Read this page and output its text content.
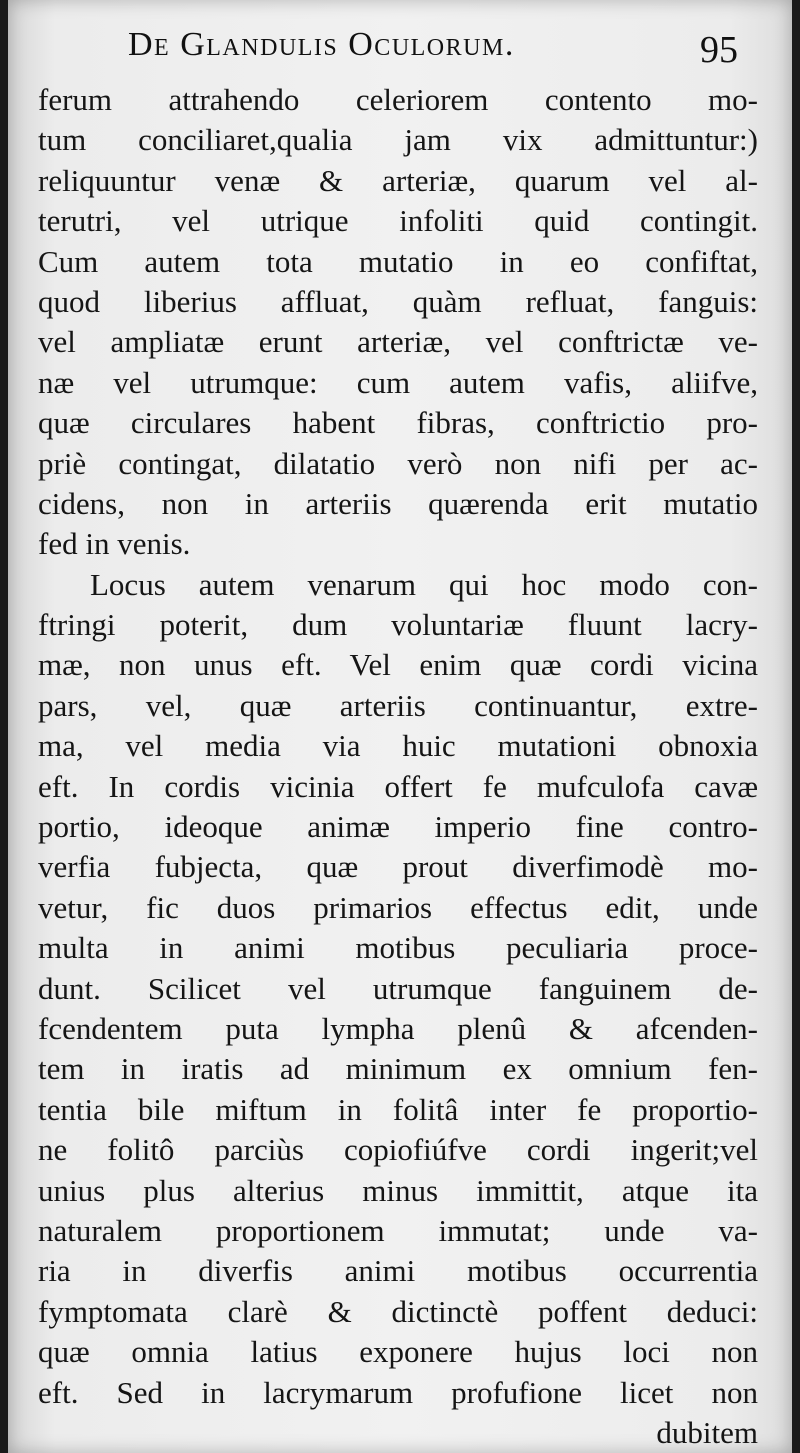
De Glandulis Oculorum.	95
ferum attrahendo celeriorem contento mo-
tum conciliaret,qualia jam vix admittuntur:)
reliquuntur venæ & arteriæ, quarum vel al-
terutri, vel utrique infoliti quid contingit.
Cum autem tota mutatio in eo confiftat,
quod liberius affluat, quàm refluat, fanguis:
vel ampliatæ erunt arteriæ, vel conftrictæ ve-
næ vel utrumque: cum autem vafis, aliifve,
quæ circulares habent fibras, conftrictio pro-
priè contingat, dilatatio verò non nifi per ac-
cidens, non in arteriis quærenda erit mutatio
fed in venis.
Locus autem venarum qui hoc modo con-
ftringi poterit, dum voluntariæ fluunt lacry-
mæ, non unus eft. Vel enim quæ cordi vicina
pars, vel, quæ arteriis continuantur, extre-
ma, vel media via huic mutationi obnoxia
eft. In cordis vicinia offert fe mufculofa cavæ
portio, ideoque animæ imperio fine contro-
verfia fubjecta, quæ prout diverfimodè mo-
vetur, fic duos primarios effectus edit, unde
multa in animi motibus peculiaria proce-
dunt. Scilicet vel utrumque fanguinem de-
fcendentem puta lympha plenû & afcenden-
tem in iratis ad minimum ex omnium fen-
tentia bile miftum in folitâ inter fe proportio-
ne folitô parciùs copiofiúfve cordi ingerit;vel
unius plus alterius minus immittit, atque ita
naturalem proportionem immutat; unde va-
ria in diverfis animi motibus occurrentia
fymptomata clarè & dictinctè poffent deduci:
quæ omnia latius exponere hujus loci non
eft. Sed in lacrymarum profufione licet non
dubitem
